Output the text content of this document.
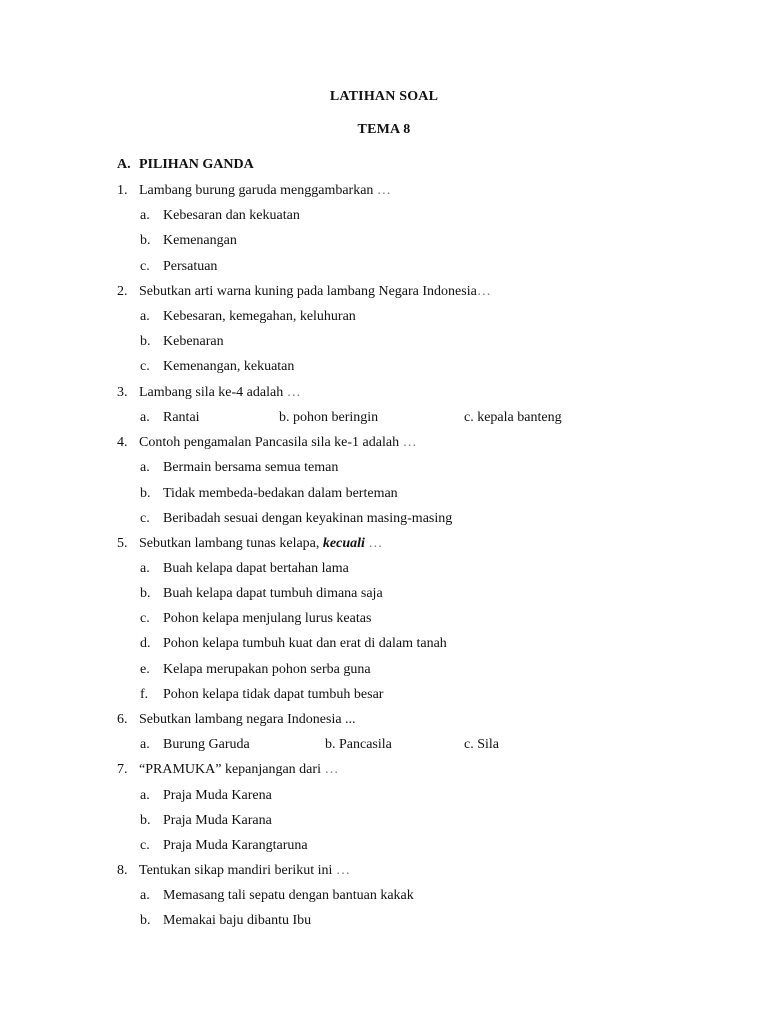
LATIHAN SOAL
TEMA 8
A. PILIHAN GANDA
1. Lambang burung garuda menggambarkan …
a. Kebesaran dan kekuatan
b. Kemenangan
c. Persatuan
2. Sebutkan arti warna kuning pada lambang Negara Indonesia…
a. Kebesaran, kemegahan, keluhuran
b. Kebenaran
c. Kemenangan, kekuatan
3. Lambang sila ke-4 adalah …
a. Rantai	b. pohon beringin	c. kepala banteng
4. Contoh pengamalan Pancasila sila ke-1 adalah …
a. Bermain bersama semua teman
b. Tidak membeda-bedakan dalam berteman
c. Beribadah sesuai dengan keyakinan masing-masing
5. Sebutkan lambang tunas kelapa, kecuali …
a. Buah kelapa dapat bertahan lama
b. Buah kelapa dapat tumbuh dimana saja
c. Pohon kelapa menjulang lurus keatas
d. Pohon kelapa tumbuh kuat dan erat di dalam tanah
e. Kelapa merupakan pohon serba guna
f. Pohon kelapa tidak dapat tumbuh besar
6. Sebutkan lambang negara Indonesia ...
a. Burung Garuda	b. Pancasila	c. Sila
7. “PRAMUKA” kepanjangan dari …
a. Praja Muda Karena
b. Praja Muda Karana
c. Praja Muda Karangtaruna
8. Tentukan sikap mandiri berikut ini …
a. Memasang tali sepatu dengan bantuan kakak
b. Memakai baju dibantu Ibu
